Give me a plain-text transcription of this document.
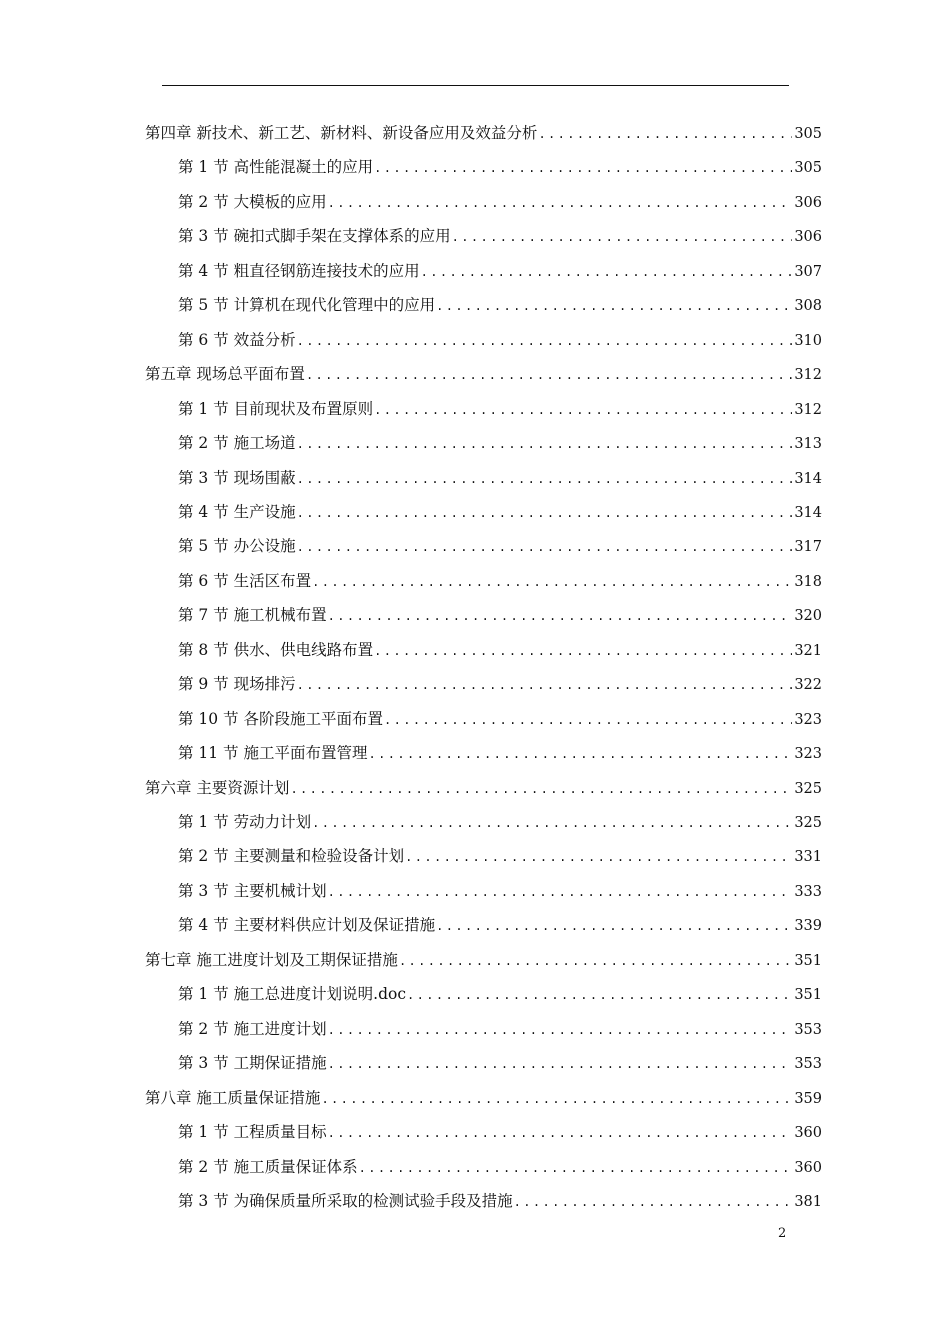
第四章 新技术、新工艺、新材料、新设备应用及效益分析 .....	305
第 1 节 高性能混凝土的应用 .....	305
第 2 节 大模板的应用 .....	306
第 3 节 碗扣式脚手架在支撑体系的应用 .....	306
第 4 节 粗直径钢筋连接技术的应用 .....	307
第 5 节 计算机在现代化管理中的应用 .....	308
第 6 节 效益分析 .....	310
第五章 现场总平面布置 .....	312
第 1 节 目前现状及布置原则 .....	312
第 2 节 施工场道 .....	313
第 3 节 现场围蔽 .....	314
第 4 节 生产设施 .....	314
第 5 节 办公设施 .....	317
第 6 节 生活区布置 .....	318
第 7 节 施工机械布置 .....	320
第 8 节 供水、供电线路布置 .....	321
第 9 节 现场排污 .....	322
第 10 节 各阶段施工平面布置 .....	323
第 11 节 施工平面布置管理 .....	323
第六章 主要资源计划 .....	325
第 1 节 劳动力计划 .....	325
第 2 节 主要测量和检验设备计划 .....	331
第 3 节 主要机械计划 .....	333
第 4 节 主要材料供应计划及保证措施 .....	339
第七章 施工进度计划及工期保证措施 .....	351
第 1 节 施工总进度计划说明.doc .....	351
第 2 节 施工进度计划 .....	353
第 3 节 工期保证措施 .....	353
第八章 施工质量保证措施 .....	359
第 1 节 工程质量目标 .....	360
第 2 节 施工质量保证体系 .....	360
第 3 节 为确保质量所采取的检测试验手段及措施 .....	381
2
